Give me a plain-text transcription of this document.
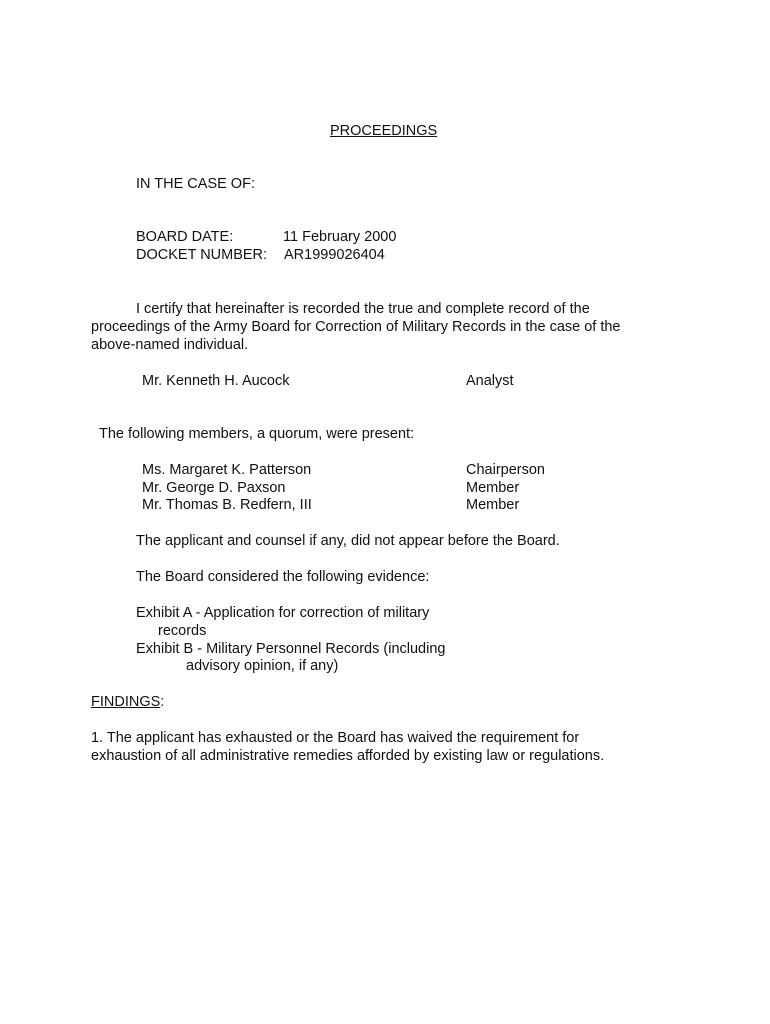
PROCEEDINGS
IN THE CASE OF:
BOARD DATE:	11 February 2000
DOCKET NUMBER: AR1999026404
I certify that hereinafter is recorded the true and complete record of the
proceedings of the Army Board for Correction of Military Records in the case of the
above-named individual.
Mr. Kenneth H. Aucock	Analyst
The following members, a quorum, were present:
Ms. Margaret K. Patterson	Chairperson
Mr. George D. Paxson	Member
Mr. Thomas B. Redfern, III	Member
The applicant and counsel if any, did not appear before the Board.
The Board considered the following evidence:
Exhibit A - Application for correction of military
records
Exhibit B - Military Personnel Records (including
advisory opinion, if any)
FINDINGS:
1. The applicant has exhausted or the Board has waived the requirement for
exhaustion of all administrative remedies afforded by existing law or regulations.
